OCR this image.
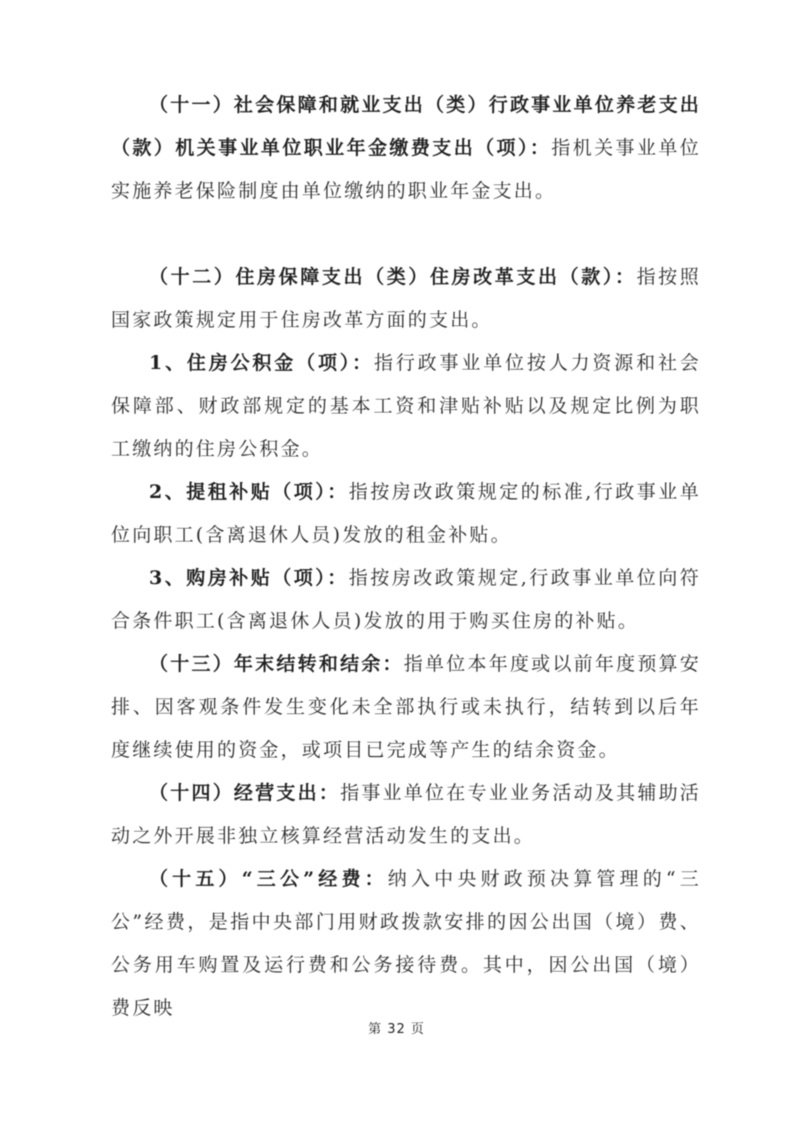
（十一）社会保障和就业支出（类）行政事业单位养老支出（款）机关事业单位职业年金缴费支出（项）：指机关事业单位实施养老保险制度由单位缴纳的职业年金支出。

（十二）住房保障支出（类）住房改革支出（款）：指按照国家政策规定用于住房改革方面的支出。

1、住房公积金（项）：指行政事业单位按人力资源和社会保障部、财政部规定的基本工资和津贴补贴以及规定比例为职工缴纳的住房公积金。

2、提租补贴（项）：指按房改政策规定的标准,行政事业单位向职工(含离退休人员)发放的租金补贴。

3、购房补贴（项）：指按房改政策规定,行政事业单位向符合条件职工(含离退休人员)发放的用于购买住房的补贴。

（十三）年末结转和结余：指单位本年度或以前年度预算安排、因客观条件发生变化未全部执行或未执行，结转到以后年度继续使用的资金，或项目已完成等产生的结余资金。

（十四）经营支出：指事业单位在专业业务活动及其辅助活动之外开展非独立核算经营活动发生的支出。

（十五）“三公”经费：纳入中央财政预决算管理的“三公”经费，是指中央部门用财政拨款安排的因公出国（境）费、公务用车购置及运行费和公务接待费。其中，因公出国（境）费反映

第 32 页
